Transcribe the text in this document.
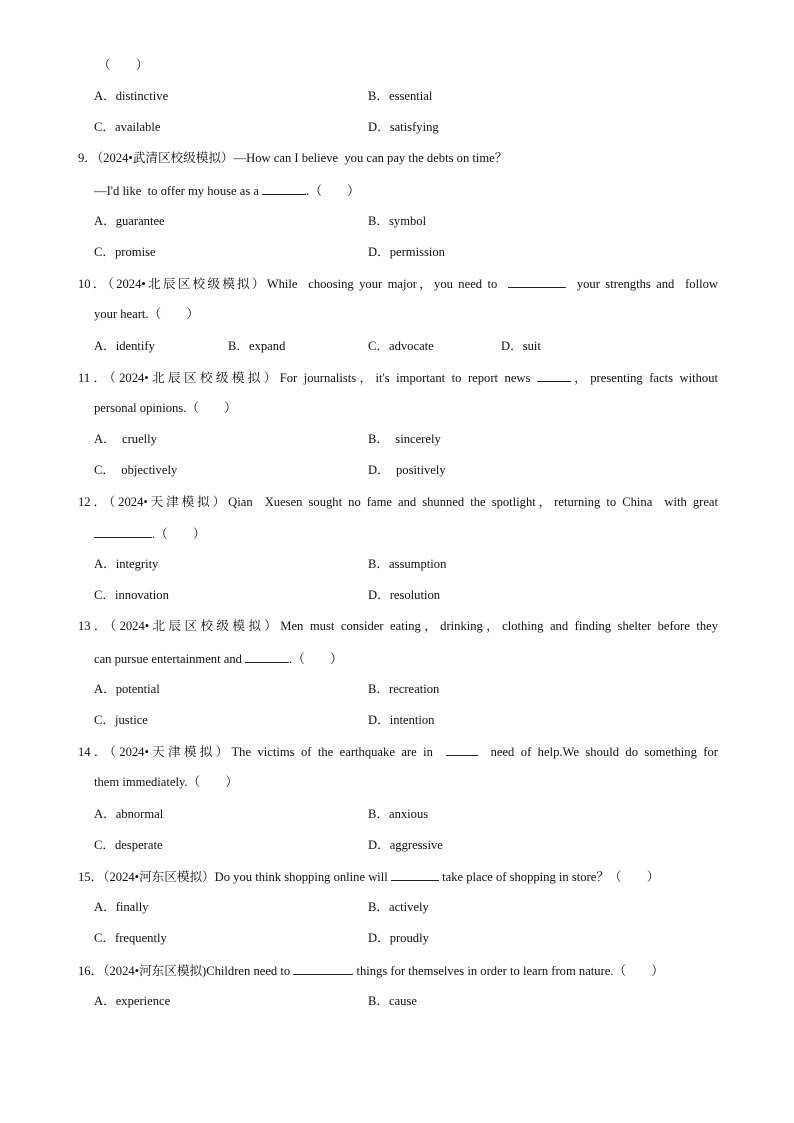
（　　）
A．distinctive	B．essential
C．available	D．satisfying
9．（2024•武清区校级模拟）—How can I believe  you can pay the debts on time？
—I'd like  to offer my house as a	.（　　）
A．guarantee	B．symbol
C．promise	D．permission
10．（2024•北辰区校级模拟）While  choosing your major，you need to	your strengths and  follow
your heart.（　　）
A．identify	B．expand	C．advocate	D．suit
11．（2024•北辰区校级模拟）For journalists，it's important to report news	，presenting facts without
personal opinions.（　　）
A．  cruelly	B．  sincerely
C．  objectively	D．  positively
12．（2024•天津模拟）Qian  Xuesen sought no fame and shunned the spotlight，returning to China  with great
.（　　）
A．integrity	B．assumption
C．innovation	D．resolution
13．（2024•北辰区校级模拟）Men must consider eating，drinking，clothing and finding shelter before they
can pursue entertainment and	.（　　）
A．potential	B．recreation
C．justice	D．intention
14．（2024•天津模拟）The victims of the earthquake are in	need of help.We should do something for
them immediately.（　　）
A．abnormal	B．anxious
C．desperate	D．aggressive
15．（2024•河东区模拟）Do you think shopping online will	take place of shopping in store？（　　）
A．finally	B．actively
C．frequently	D．proudly
16．（2024•河东区模拟)Children need to	things for themselves in order to learn from nature.（　　）
A．experience	B．cause
